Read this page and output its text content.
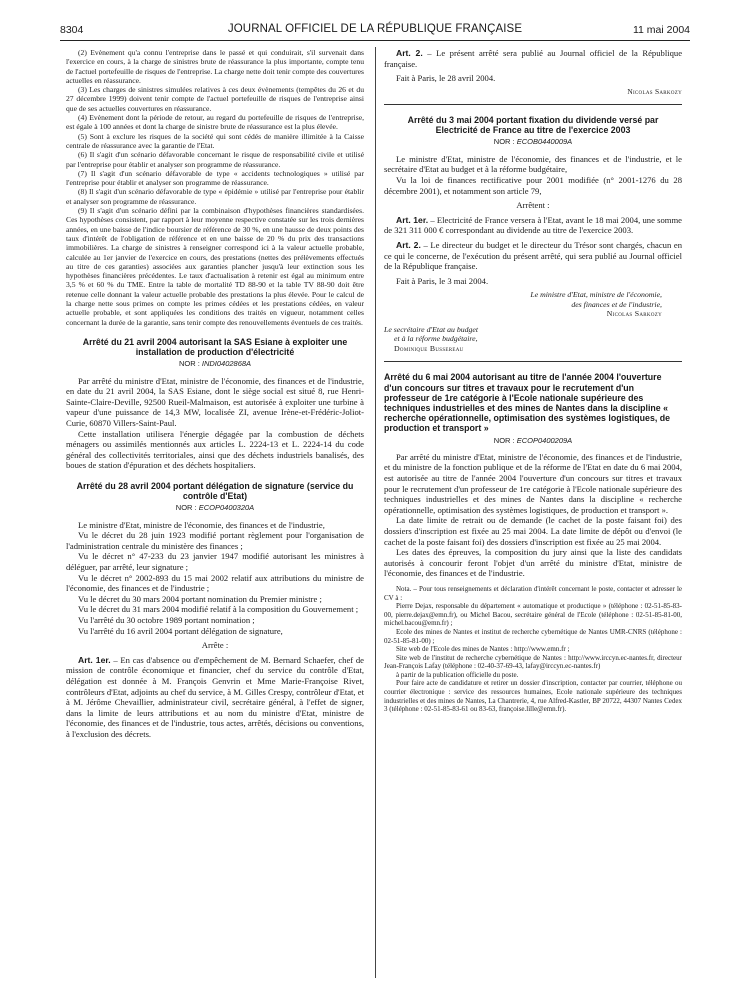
8304	JOURNAL OFFICIEL DE LA RÉPUBLIQUE FRANÇAISE	11 mai 2004

(2) Evènement qu'a connu l'entreprise dans le passé et qui conduirait, s'il survenait dans l'exercice en cours, à la charge de sinistres brute de réassurance la plus importante, compte tenu de l'actuel portefeuille de risques de l'entreprise. La charge nette doit tenir compte des couvertures actuelles en réassurance.

(3) Les charges de sinistres simulées relatives à ces deux évènements (tempêtes du 26 et du 27 décembre 1999) doivent tenir compte de l'actuel portefeuille de risques de l'entreprise ainsi que de ses actuelles couvertures en réassurance.

(4) Evènement dont la période de retour, au regard du portefeuille de risques de l'entreprise, est égale à 100 années et dont la charge de sinistre brute de réassurance est la plus élevée.

(5) Sont à exclure les risques de la société qui sont cédés de manière illimitée à la Caisse centrale de réassurance avec la garantie de l'Etat.

(6) Il s'agit d'un scénario défavorable concernant le risque de responsabilité civile et utilisé par l'entreprise pour établir et analyser son programme de réassurance.

(7) Il s'agit d'un scénario défavorable de type « accidents technologiques » utilisé par l'entreprise pour établir et analyser son programme de réassurance.

(8) Il s'agit d'un scénario défavorable de type « épidémie » utilisé par l'entreprise pour établir et analyser son programme de réassurance.

(9) Il s'agit d'un scénario défini par la combinaison d'hypothèses financières standardisées. Ces hypothèses consistent, par rapport à leur moyenne respective constatée sur les trois dernières années, en une baisse de l'indice boursier de référence de 30 %, en une hausse de deux points des taux d'intérêt de l'obligation de référence et en une baisse de 20 % du prix des transactions immobilières. La charge de sinistres à renseigner correspond ici à la valeur actuelle probable, calculée au 1er janvier de l'exercice en cours, des prestations (nettes des prélèvements effectués au titre de ces garanties) associées aux garanties plancher jusqu'à leur extinction sous les hypothèses financières précédentes. Le taux d'actualisation à retenir est égal au minimum entre 3,5 % et 60 % du TME. Entre la table de mortalité TD 88-90 et la table TV 88-90 doit être retenue celle donnant la valeur actuelle probable des prestations la plus élevée. Pour le calcul de la charge nette sous primes on compte les primes cédées et les prestations cédées, en valeur actuelle probable, et sont appliquées les conditions des traités en vigueur, notamment celles concernant la durée de la garantie, sans tenir compte des renouvellements éventuels de ces traités.

Arrêté du 21 avril 2004 autorisant la SAS Esiane à exploiter une installation de production d'électricité
NOR : INDI0402868A

Par arrêté du ministre d'Etat, ministre de l'économie, des finances et de l'industrie, en date du 21 avril 2004, la SAS Esiane, dont le siège social est situé 8, rue Henri-Sainte-Claire-Deville, 92500 Rueil-Malmaison, est autorisée à exploiter une turbine à vapeur d'une puissance de 14,3 MW, localisée ZI, avenue Irène-et-Frédéric-Joliot-Curie, 60870 Villers-Saint-Paul.

Cette installation utilisera l'énergie dégagée par la combustion de déchets ménagers ou assimilés mentionnés aux articles L. 2224-13 et L. 2224-14 du code général des collectivités territoriales, ainsi que des déchets industriels banalisés, des boues de station d'épuration et des déchets hospitaliers.

Arrêté du 28 avril 2004 portant délégation de signature (service du contrôle d'Etat)
NOR : ECOP0400320A

Le ministre d'Etat, ministre de l'économie, des finances et de l'industrie,

Vu le décret du 28 juin 1923 modifié portant règlement pour l'organisation de l'administration centrale du ministère des finances ;

Vu le décret n° 47-233 du 23 janvier 1947 modifié autorisant les ministres à déléguer, par arrêté, leur signature ;

Vu le décret n° 2002-893 du 15 mai 2002 relatif aux attributions du ministre de l'économie, des finances et de l'industrie ;

Vu le décret du 30 mars 2004 portant nomination du Premier ministre ;

Vu le décret du 31 mars 2004 modifié relatif à la composition du Gouvernement ;

Vu l'arrêté du 30 octobre 1989 portant nomination ;

Vu l'arrêté du 16 avril 2004 portant délégation de signature,

Arrête :

Art. 1er. – En cas d'absence ou d'empêchement de M. Bernard Schaefer, chef de mission de contrôle économique et financier, chef du service du contrôle d'Etat, délégation est donnée à M. François Genvrin et Mme Marie-Françoise Rivet, contrôleurs d'Etat, adjoints au chef du service, à M. Gilles Crespy, contrôleur d'Etat, et à M. Jérôme Chevaillier, administrateur civil, secrétaire général, à l'effet de signer, dans la limite de leurs attributions et au nom du ministre d'Etat, ministre de l'économie, des finances et de l'industrie, tous actes, arrêtés, décisions ou conventions, à l'exclusion des décrets.

Art. 2. – Le présent arrêté sera publié au Journal officiel de la République française.

Fait à Paris, le 28 avril 2004.

Nicolas Sarkozy

Arrêté du 3 mai 2004 portant fixation du dividende versé par Electricité de France au titre de l'exercice 2003
NOR : ECOB0440009A

Le ministre d'Etat, ministre de l'économie, des finances et de l'industrie, et le secrétaire d'Etat au budget et à la réforme budgétaire,

Vu la loi de finances rectificative pour 2001 modifiée (n° 2001-1276 du 28 décembre 2001), et notamment son article 79,

Arrêtent :

Art. 1er. – Electricité de France versera à l'Etat, avant le 18 mai 2004, une somme de 321 311 000 € correspondant au dividende au titre de l'exercice 2003.

Art. 2. – Le directeur du budget et le directeur du Trésor sont chargés, chacun en ce qui le concerne, de l'exécution du présent arrêté, qui sera publié au Journal officiel de la République française.

Fait à Paris, le 3 mai 2004.

Le ministre d'Etat, ministre de l'économie,
des finances et de l'industrie,
Nicolas Sarkozy
Le secrétaire d'Etat au budget
et à la réforme budgétaire,
Dominique Bussereau
Arrêté du 6 mai 2004 autorisant au titre de l'année 2004 l'ouverture d'un concours sur titres et travaux pour le recrutement d'un professeur de 1re catégorie à l'Ecole nationale supérieure des techniques industrielles et des mines de Nantes dans la discipline « recherche opérationnelle, optimisation des systèmes logistiques, de production et transport »
NOR : ECOP0400209A

Par arrêté du ministre d'Etat, ministre de l'économie, des finances et de l'industrie, et du ministre de la fonction publique et de la réforme de l'Etat en date du 6 mai 2004, est autorisée au titre de l'année 2004 l'ouverture d'un concours sur titres et travaux pour le recrutement d'un professeur de 1re catégorie à l'Ecole nationale supérieure des techniques industrielles et des mines de Nantes dans la discipline « recherche opérationnelle, optimisation des systèmes logistiques, de production et transport ».

La date limite de retrait ou de demande (le cachet de la poste faisant foi) des dossiers d'inscription est fixée au 25 mai 2004. La date limite de dépôt ou d'envoi (le cachet de la poste faisant foi) des dossiers d'inscription est fixée au 25 mai 2004.

Les dates des épreuves, la composition du jury ainsi que la liste des candidats autorisés à concourir feront l'objet d'un arrêté du ministre d'Etat, ministre de l'économie, des finances et de l'industrie.

Nota. – Pour tous renseignements et déclaration d'intérêt concernant le poste, contacter et adresser le CV à :

Pierre Dejax, responsable du département « automatique et productique » (téléphone : 02-51-85-83-00, pierre.dejax@emn.fr), ou Michel Bacou, secrétaire général de l'Ecole (téléphone : 02-51-85-81-00, michel.bacou@emn.fr) ;

Ecole des mines de Nantes et institut de recherche cybernétique de Nantes UMR-CNRS (téléphone : 02-51-85-81-00) ;

Site web de l'Ecole des mines de Nantes : http://www.emn.fr ;

Site web de l'institut de recherche cybernétique de Nantes : http://www.irccyn.ec-nantes.fr, directeur Jean-François Lafay (téléphone : 02-40-37-69-43, lafay@irccyn.ec-nantes.fr)

à partir de la publication officielle du poste.

Pour faire acte de candidature et retirer un dossier d'inscription, contacter par courrier, téléphone ou courrier électronique : service des ressources humaines, Ecole nationale supérieure des techniques industrielles et des mines de Nantes, La Chantrerie, 4, rue Alfred-Kastler, BP 20722, 44307 Nantes Cedex 3 (téléphone : 02-51-85-83-61 ou 83-63, françoise.lille@emn.fr).
